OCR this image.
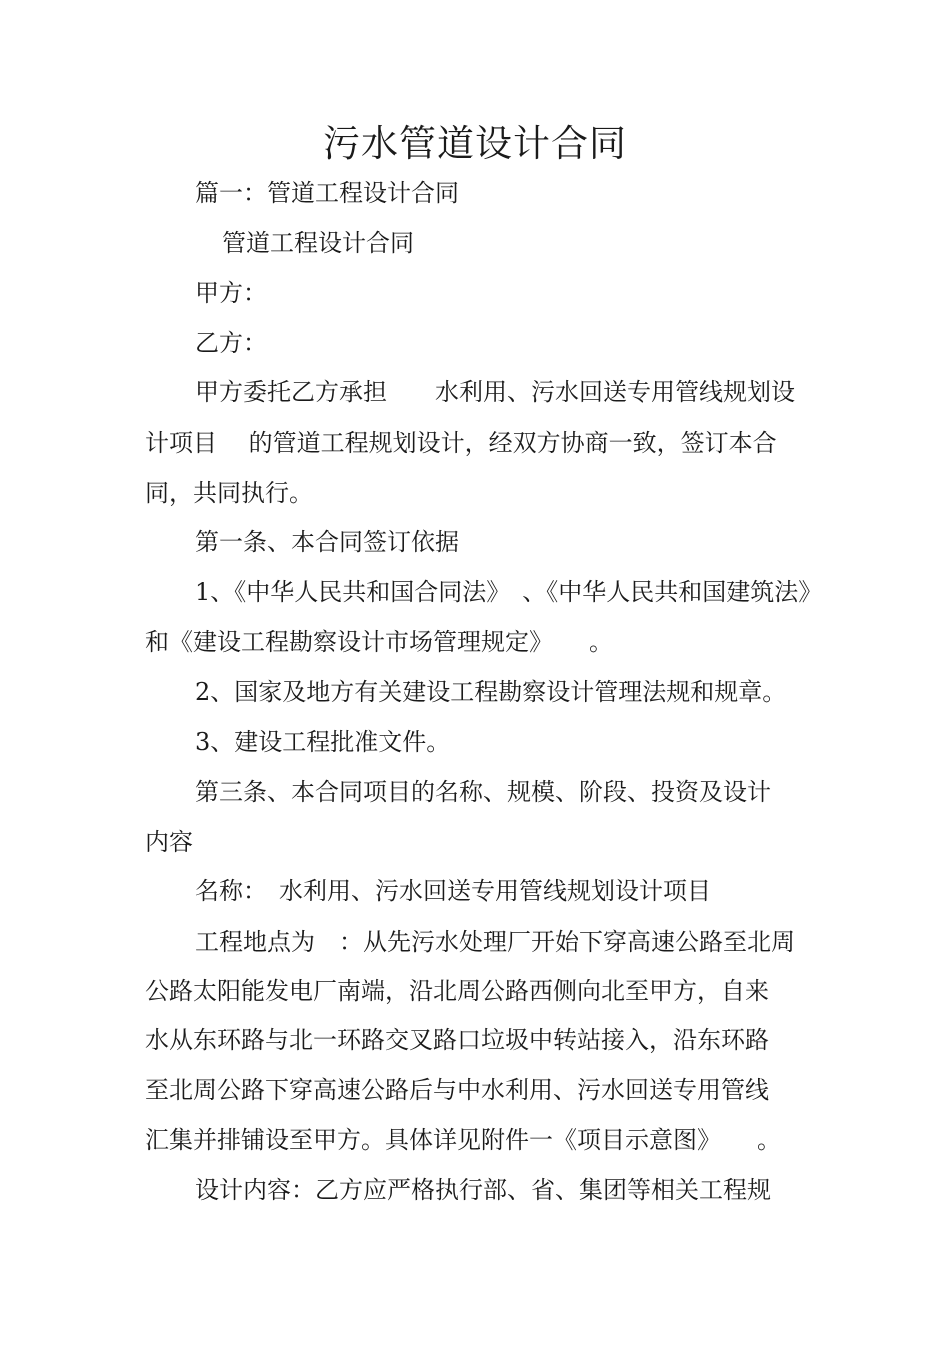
污水管道设计合同
篇一：管道工程设计合同
管道工程设计合同
甲方：
乙方：
甲方委托乙方承担　　水利用、污水回送专用管线规划设
计项目　 的管道工程规划设计，经双方协商一致，签订本合
同，共同执行。
第一条、本合同签订依据
1、《中华人民共和国合同法》　、《中华人民共和国建筑法》
和《建设工程勘察设计市场管理规定》　　。
2、国家及地方有关建设工程勘察设计管理法规和规章。
3、建设工程批准文件。
第三条、本合同项目的名称、规模、阶段、投资及设计
内容
名称：　水利用、污水回送专用管线规划设计项目
工程地点为　：从先污水处理厂开始下穿高速公路至北周
公路太阳能发电厂南端，沿北周公路西侧向北至甲方，自来
水从东环路与北一环路交叉路口垃圾中转站接入，沿东环路
至北周公路下穿高速公路后与中水利用、污水回送专用管线
汇集并排铺设至甲方。具体详见附件一《项目示意图》　　。
设计内容：乙方应严格执行部、省、集团等相关工程规
